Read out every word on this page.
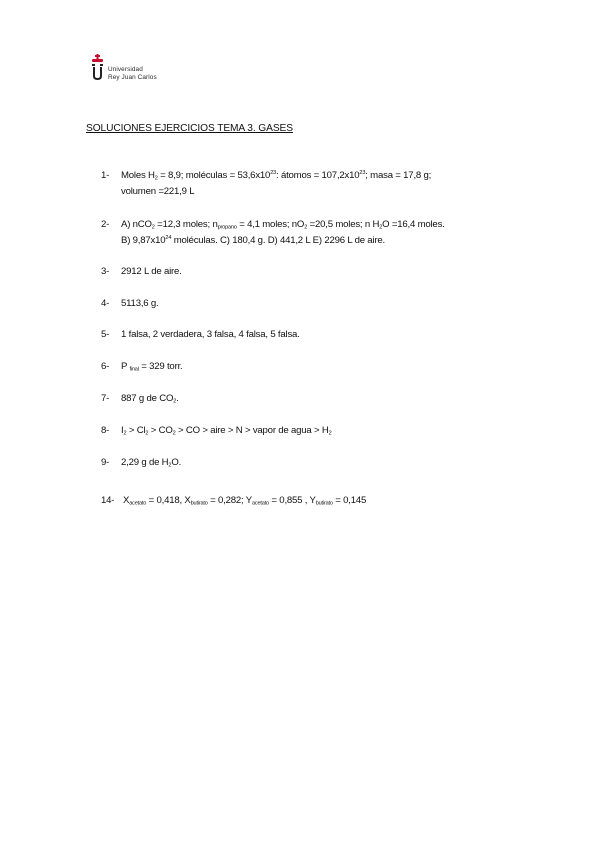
Universidad
Rey Juan Carlos
SOLUCIONES EJERCICIOS TEMA 3. GASES
1- Moles $H_2 = 8,9$; moléculas = $53,6x10^{23}$: átomos = $107,2x10^{23}$; masa = 17,8 g;
volumen =221,9 L
2- A) nCO$_2$ =12,3 moles; $n_{propano} = 4,1$ moles; $nO_2 =20,5$ moles; n $H_2O =16,4$ moles.
B) $9,87x10^{24}$ moléculas. C) 180,4 g. D) 441,2 L E) 2296 L de aire.
3- 2912 L de aire.
4- 5113,6 g.
5- 1 falsa, 2 verdadera, 3 falsa, 4 falsa, 5 falsa.
6- P $_{final}$ = 329 torr.
7- 887 g de $CO_2$.
8- $I_2 > Cl_2 > CO_2$ > CO > aire > N > vapor de agua > $H_2$
9- 2,29 g de $H_2O$.
14- $X_{acetato} = 0,418$, $X_{butirato} = 0,282$; $Y_{acetato} = 0,855$ , $Y_{butirato} = 0,145$
